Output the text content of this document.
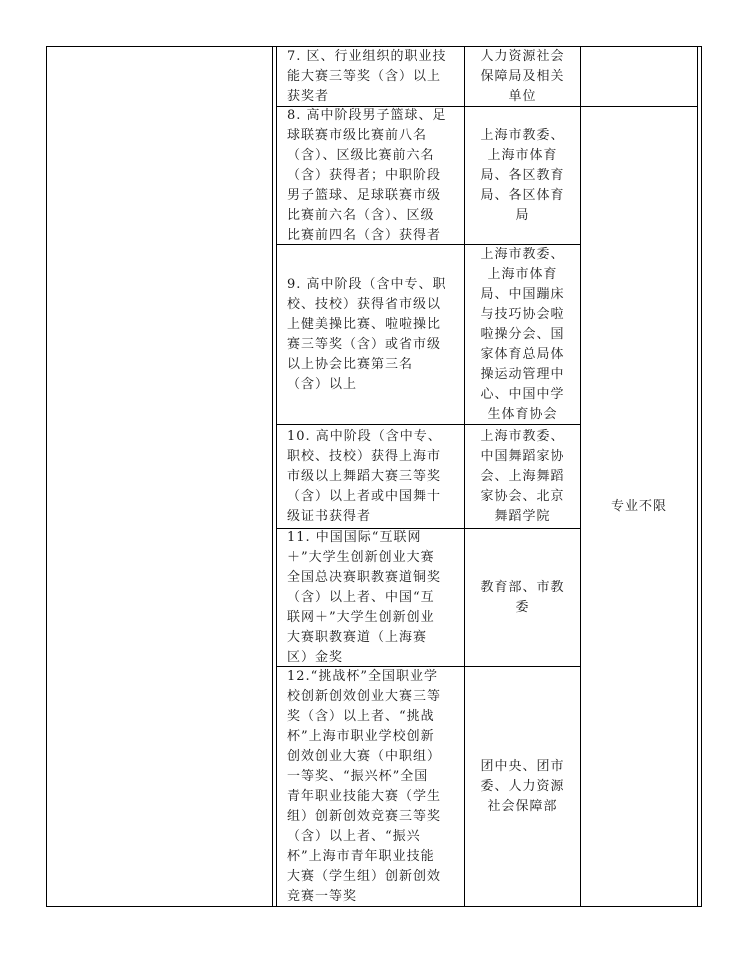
7. 区、行业组织的职业技
能大赛三等奖（含）以上
获奖者
人力资源社会
保障局及相关
单位
8. 高中阶段男子篮球、足
球联赛市级比赛前八名
（含）、区级比赛前六名
（含）获得者；中职阶段
男子篮球、足球联赛市级
比赛前六名（含）、区级
比赛前四名（含）获得者
上海市教委、
上海市体育
局、各区教育
局、各区体育
局
9. 高中阶段（含中专、职
校、技校）获得省市级以
上健美操比赛、啦啦操比
赛三等奖（含）或省市级
以上协会比赛第三名
（含）以上
上海市教委、
上海市体育
局、中国蹦床
与技巧协会啦
啦操分会、国
家体育总局体
操运动管理中
心、中国中学
生体育协会
10. 高中阶段（含中专、
职校、技校）获得上海市
市级以上舞蹈大赛三等奖
（含）以上者或中国舞十
级证书获得者
上海市教委、
中国舞蹈家协
会、上海舞蹈
家协会、北京
舞蹈学院
11. 中国国际“互联网
＋”大学生创新创业大赛
全国总决赛职教赛道铜奖
（含）以上者、中国“互
联网＋”大学生创新创业
大赛职教赛道（上海赛
区）金奖
教育部、市教
委
12.“挑战杯”全国职业学
校创新创效创业大赛三等
奖（含）以上者、“挑战
杯”上海市职业学校创新
创效创业大赛（中职组）
一等奖、“振兴杯”全国
青年职业技能大赛（学生
组）创新创效竞赛三等奖
（含）以上者、“振兴
杯”上海市青年职业技能
大赛（学生组）创新创效
竞赛一等奖
团中央、团市
委、人力资源
社会保障部
专业不限
